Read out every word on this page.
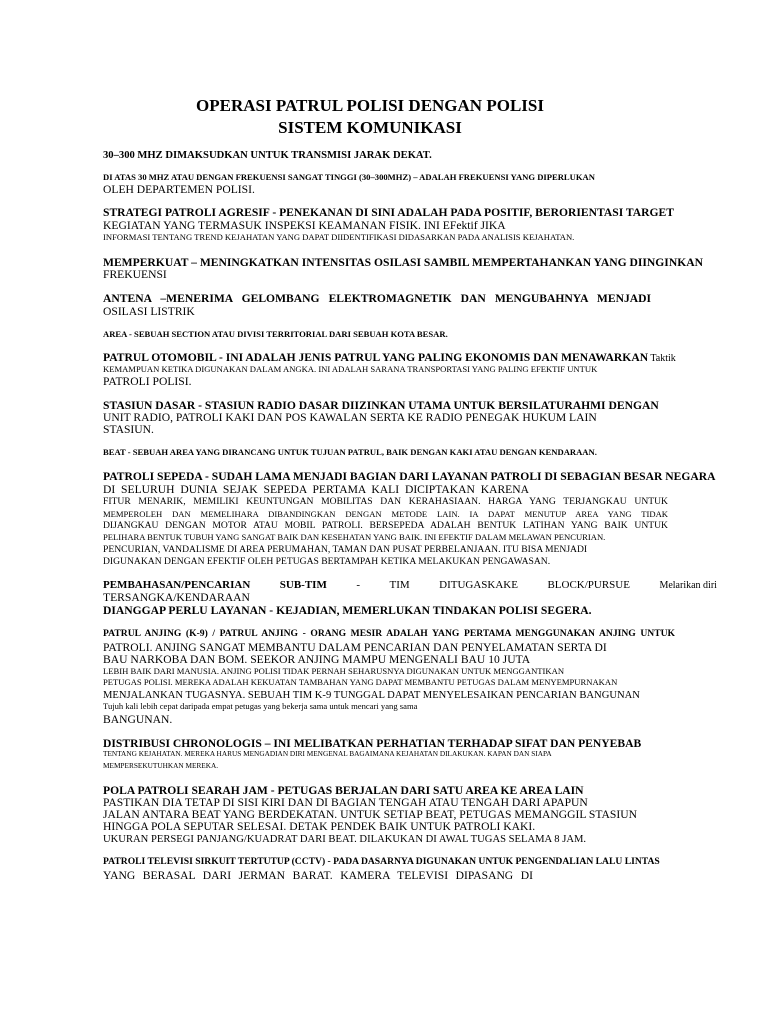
OPERASI PATRUL POLISI DENGAN POLISI
SISTEM KOMUNIKASI

30–300 MHZ DIMAKSUDKAN UNTUK TRANSMISI JARAK DEKAT.

DI ATAS 30 MHZ ATAU DENGAN FREKUENSI SANGAT TINGGI (30–300MHZ) – ADALAH FREKUENSI YANG DIPERLUKAN

OLEH DEPARTEMEN POLISI.

STRATEGI PATROLI AGRESIF - PENEKANAN DI SINI ADALAH PADA POSITIF, BERORIENTASI TARGET

KEGIATAN YANG TERMASUK INSPEKSI KEAMANAN FISIK. INI EFektif JIKA

INFORMASI TENTANG TREND KEJAHATAN YANG DAPAT DIIDENTIFIKASI DIDASARKAN PADA ANALISIS KEJAHATAN.

MEMPERKUAT – MENINGKATKAN INTENSITAS OSILASI SAMBIL MEMPERTAHANKAN YANG DIINGINKAN

FREKUENSI

ANTENA –MENERIMA GELOMBANG ELEKTROMAGNETIK DAN MENGUBAHNYA MENJADI

OSILASI LISTRIK

AREA - SEBUAH SECTION ATAU DIVISI TERRITORIAL DARI SEBUAH KOTA BESAR.

PATRUL OTOMOBIL - INI ADALAH JENIS PATRUL YANG PALING EKONOMIS DAN MENAWARKAN Taktik

KEMAMPUAN KETIKA DIGUNAKAN DALAM ANGKA. INI ADALAH SARANA TRANSPORTASI YANG PALING EFEKTIF UNTUK

PATROLI POLISI.

STASIUN DASAR - STASIUN RADIO DASAR DIIZINKAN UTAMA UNTUK BERSILATURAHMI DENGAN

UNIT RADIO, PATROLI KAKI DAN POS KAWALAN SERTA KE RADIO PENEGAK HUKUM LAIN

STASIUN.

BEAT - SEBUAH AREA YANG DIRANCANG UNTUK TUJUAN PATRUL, BAIK DENGAN KAKI ATAU DENGAN KENDARAAN.

PATROLI SEPEDA - SUDAH LAMA MENJADI BAGIAN DARI LAYANAN PATROLI DI SEBAGIAN BESAR NEGARA

DI SELURUH DUNIA SEJAK SEPEDA PERTAMA KALI DICIPTAKAN KARENA

FITUR MENARIK, MEMILIKI KEUNTUNGAN MOBILITAS DAN KERAHASIAAN. HARGA YANG TERJANGKAU UNTUK

MEMPEROLEH DAN MEMELIHARA DIBANDINGKAN DENGAN METODE LAIN. IA DAPAT MENUTUP AREA YANG TIDAK

DIJANGKAU DENGAN MOTOR ATAU MOBIL PATROLI. BERSEPEDA ADALAH BENTUK LATIHAN YANG BAIK UNTUK

PELIHARA BENTUK TUBUH YANG SANGAT BAIK DAN KESEHATAN YANG BAIK. INI EFEKTIF DALAM MELAWAN PENCURIAN.

PENCURIAN, VANDALISME DI AREA PERUMAHAN, TAMAN DAN PUSAT PERBELANJAAN. ITU BISA MENJADI

DIGUNAKAN DENGAN EFEKTIF OLEH PETUGAS BERTAMPAH KETIKA MELAKUKAN PENGAWASAN.

PEMBAHASAN/PENCARIAN	SUB-TIM	-	TIM	DITUGASKAKE	BLOCK/PURSUE	Melarikan diri

TERSANGKA/KENDARAAN

DIANGGAP PERLU LAYANAN - KEJADIAN, MEMERLUKAN TINDAKAN POLISI SEGERA.

PATRUL ANJING (K-9) / PATRUL ANJING - ORANG MESIR ADALAH YANG PERTAMA MENGGUNAKAN ANJING UNTUK

PATROLI. ANJING SANGAT MEMBANTU DALAM PENCARIAN DAN PENYELAMATAN SERTA DI

BAU NARKOBA DAN BOM. SEEKOR ANJING MAMPU MENGENALI BAU 10 JUTA

LEBIH BAIK DARI MANUSIA. ANJING POLISI TIDAK PERNAH SEHARUSNYA DIGUNAKAN UNTUK MENGGANTIKAN

PETUGAS POLISI. MEREKA ADALAH KEKUATAN TAMBAHAN YANG DAPAT MEMBANTU PETUGAS DALAM MENYEMPURNAKAN

MENJALANKAN TUGASNYA. SEBUAH TIM K-9 TUNGGAL DAPAT MENYELESAIKAN PENCARIAN BANGUNAN

Tujuh kali lebih cepat daripada empat petugas yang bekerja sama untuk mencari yang sama

BANGUNAN.

DISTRIBUSI CHRONOLOGIS – INI MELIBATKAN PERHATIAN TERHADAP SIFAT DAN PENYEBAB

TENTANG KEJAHATAN. MEREKA HARUS MENGADIAN DIRI MENGENAL BAGAIMANA KEJAHATAN DILAKUKAN. KAPAN DAN SIAPA

MEMPERSEKUTUHKAN MEREKA.

POLA PATROLI SEARAH JAM - PETUGAS BERJALAN DARI SATU AREA KE AREA LAIN

PASTIKAN DIA TETAP DI SISI KIRI DAN DI BAGIAN TENGAH ATAU TENGAH DARI APAPUN

JALAN ANTARA BEAT YANG BERDEKATAN. UNTUK SETIAP BEAT, PETUGAS MEMANGGIL STASIUN

HINGGA POLA SEPUTAR SELESAI. DETAK PENDEK BAIK UNTUK PATROLI KAKI.

UKURAN PERSEGI PANJANG/KUADRAT DARI BEAT. DILAKUKAN DI AWAL TUGAS SELAMA 8 JAM.

PATROLI TELEVISI SIRKUIT TERTUTUP (CCTV) - PADA DASARNYA DIGUNAKAN UNTUK PENGENDALIAN LALU LINTAS

YANG BERASAL DARI JERMAN BARAT. KAMERA TELEVISI DIPASANG DI
